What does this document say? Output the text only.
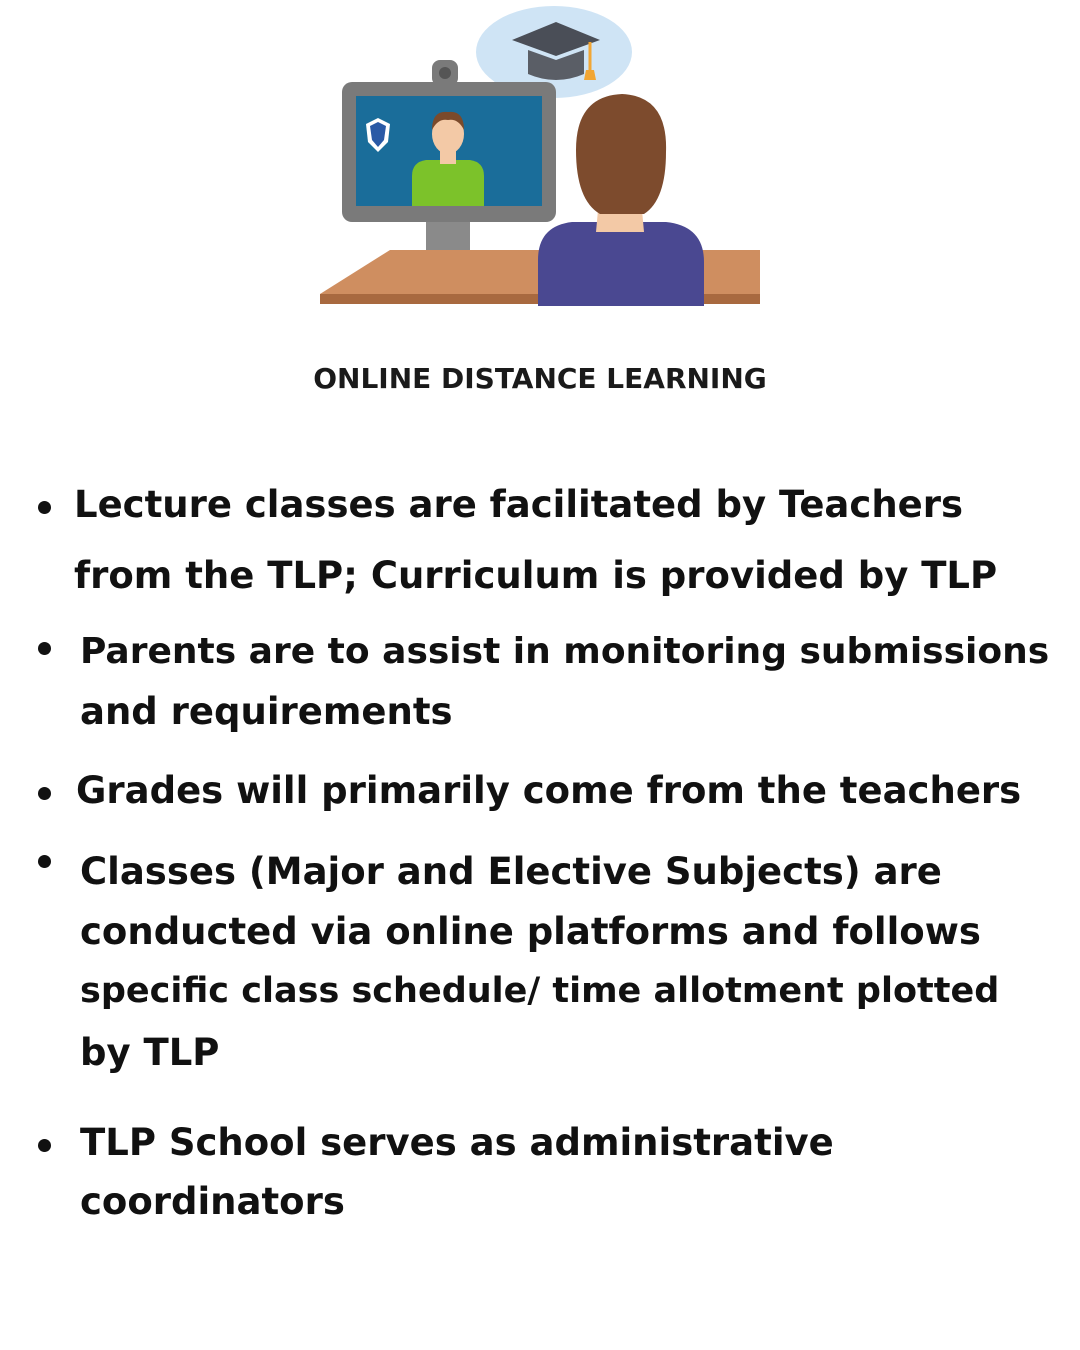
ONLINE DISTANCE LEARNING
Lecture classes are facilitated by Teachers
from the TLP; Curriculum is provided by TLP
Parents are to assist in monitoring submissions
and requirements
Grades will primarily come from the teachers
Classes (Major and Elective Subjects) are
conducted via online platforms and follows
specific class schedule/ time allotment plotted
by TLP
TLP School serves as administrative
coordinators
